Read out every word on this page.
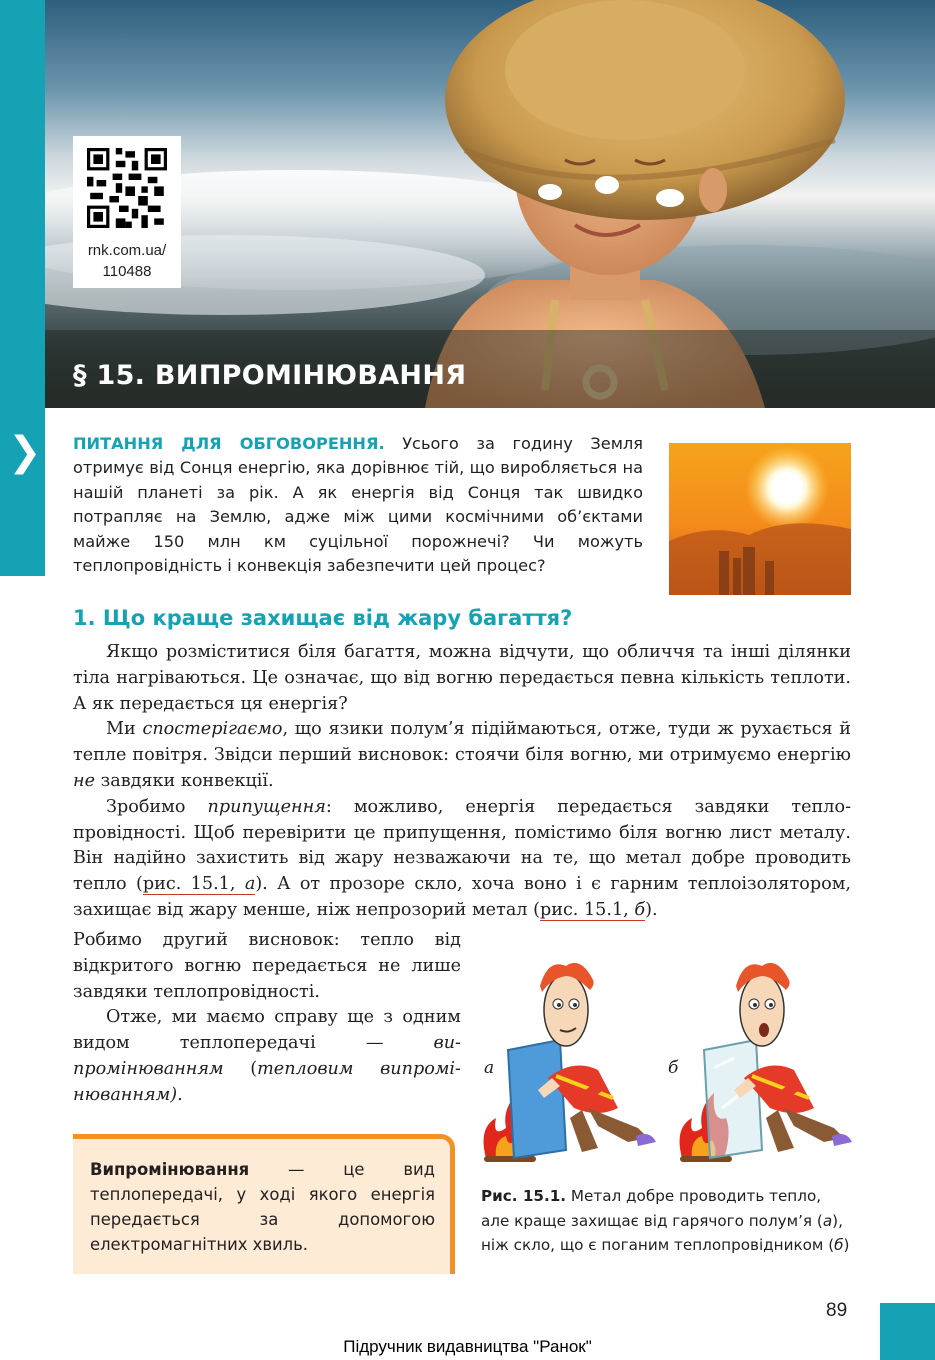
rnk.com.ua/
110488
§ 15. ВИПРОМІНЮВАННЯ
❯ ПИТАННЯ ДЛЯ ОБГОВОРЕННЯ. Усього за годину Земля отримує від Сонця енергію, яка дорівнює тій, що виробляється на нашій планеті за рік. А як енергія від Сонця так швидко потрапляє на Землю, адже між цими космічними об’єктами майже 150 млн км суцільної порожнечі? Чи можуть теплопровідність і конвекція забезпечити цей процес?
1. Що краще захищає від жару багаття?

Якщо розміститися біля багаття, можна відчути, що обличчя та інші ділянки тіла нагріваються. Це означає, що від вогню передається певна кількість теплоти. А як передається ця енергія?

Ми спостерігаємо, що язики полум’я підіймаються, отже, туди ж рухається й тепле повітря. Звідси перший висновок: стоячи біля вогню, ми отримуємо енергію не завдяки конвекції.

Зробимо припущення: можливо, енергія передається завдяки теплопровідності. Щоб перевірити це припущення, помістимо біля вогню лист металу. Він надійно захистить від жару незважаючи на те, що метал добре проводить тепло (рис. 15.1, а). А от прозоре скло, хоча воно і є гарним теплоізолятором, захищає від жару менше, ніж непрозорий метал (рис. 15.1, б).

Робимо другий висновок: тепло від відкритого вогню передається не лише завдяки теплопровідності.

Отже, ми маємо справу ще з одним видом теплопередачі — випромінюванням (тепловим випромінюванням).

Випромінювання — це вид теплопередачі, у ході якого енергія передається за допомогою електромагнітних хвиль.
а	б
Рис. 15.1. Метал добре проводить тепло, але краще захищає від гарячого полум’я (а), ніж скло, що є поганим теплопровідником (б)
89
Підручник видавництва "Ранок"
